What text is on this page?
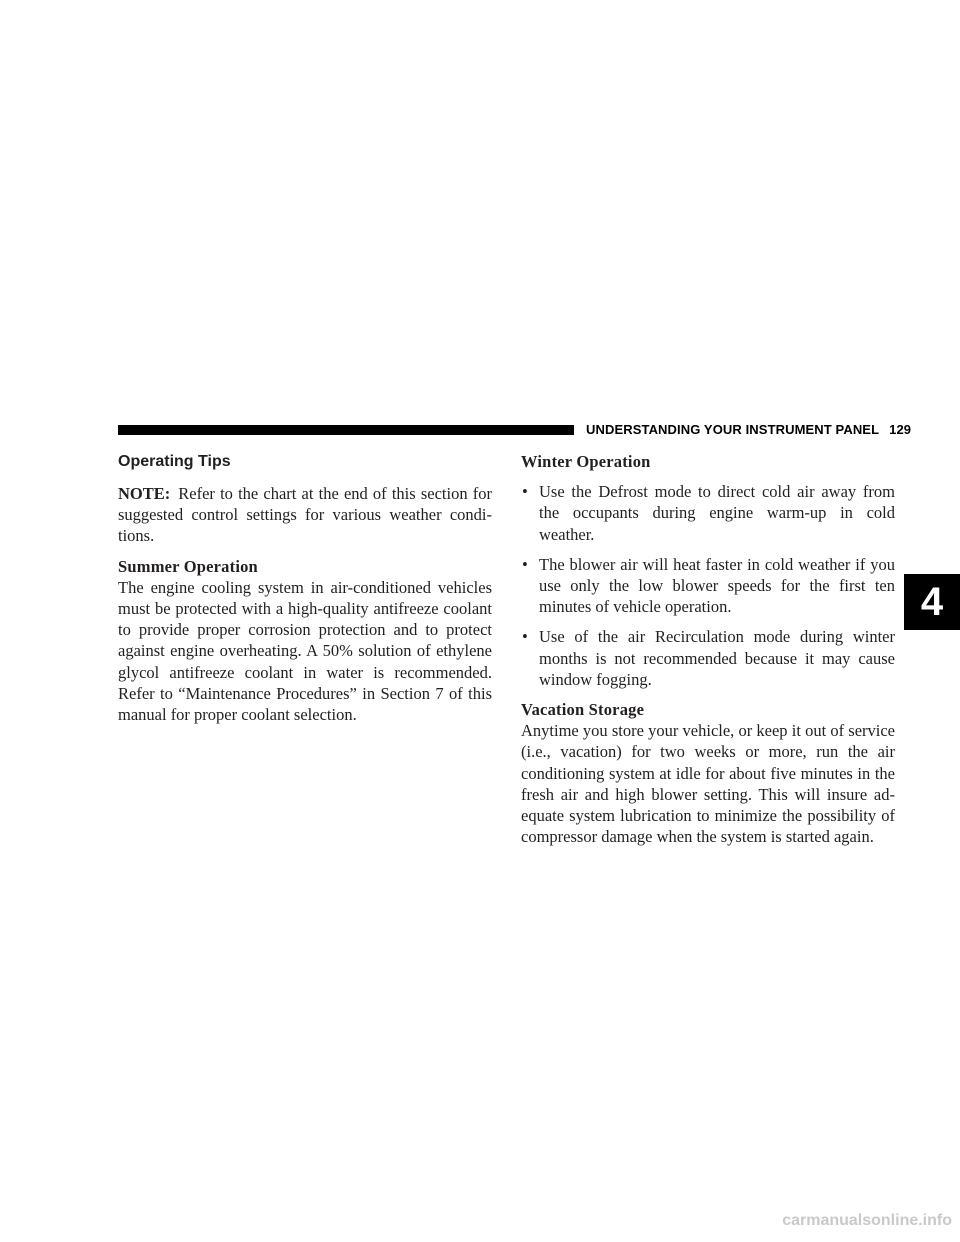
UNDERSTANDING YOUR INSTRUMENT PANEL 129
4
Operating Tips

NOTE: Refer to the chart at the end of this section for suggested control settings for various weather condi-tions.

Summer Operation

The engine cooling system in air-conditioned vehicles must be protected with a high-quality antifreeze coolant to provide proper corrosion protection and to protect against engine overheating. A 50% solution of ethylene glycol antifreeze coolant in water is recommended. Refer to “Maintenance Procedures” in Section 7 of this manual for proper coolant selection.

Winter Operation
• Use the Defrost mode to direct cold air away from the occupants during engine warm-up in cold weather.
• The blower air will heat faster in cold weather if you use only the low blower speeds for the first ten minutes of vehicle operation.
• Use of the air Recirculation mode during winter months is not recommended because it may cause window fogging.
Vacation Storage

Anytime you store your vehicle, or keep it out of service (i.e., vacation) for two weeks or more, run the air conditioning system at idle for about five minutes in the fresh air and high blower setting. This will insure ad-equate system lubrication to minimize the possibility of compressor damage when the system is started again.

carmanualsonline.info
